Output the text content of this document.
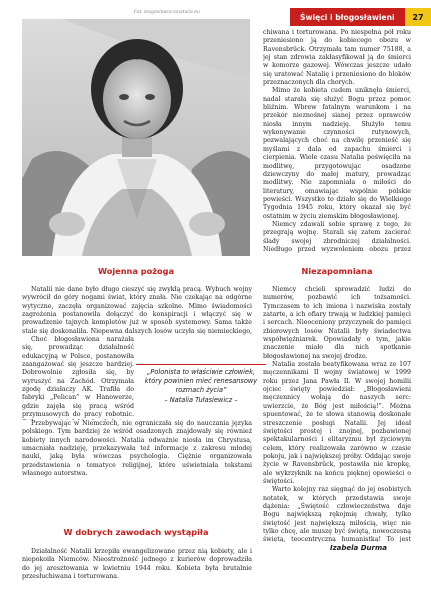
Fot. blogoslawionanatalia.eu	Święci i błogosławieni	27
Wojenna pożoga

Natalii nie dane było długo cieszyć się zwykłą pracą. Wybuch wojny wywrócił do góry nogami świat, który znała. Nie czekając na odgórne wytyczne, zaczęła organizować zajęcia szkolne. Mimo świadomości zagrożenia postanowiła dołączyć do konspiracji i włączyć się w prowadzenie tajnych kompletów już w sposób systemowy. Sama także stale się doskonaliła. Niepewna dalszych losów uczyła się niemieckiego,

Choć błogosławiona narażała się, prowadząc działalność edukacyjną w Polsce, postanowiła zaangażować się jeszcze bardziej. Dobrowolnie zgłosiła się, by wyruszyć na Zachód. Otrzymała zgodę działaczy AK. Trafiła do fabryki „Pelican” w Hanowerze, gdzie zajęła się pracą wśród przymusowych do pracy robotnic.

Przebywając w Niemczech, nie ograniczała się do nauczania języka polskiego. Tym bardziej że wśród osadzonych znajdowały się również kobiety innych narodowości. Natalia odważnie niosła im Chrystusa, umacniała nadzieję, przekazywała też informacje z zakresu młodej nauki, jaką była wówczas psychologia. Ciężnie organizowała przedstawienia o tematyce religijnej, które uświetniała tekstami własnego autorstwa.

„Polonista to właściwie człowiek, który powinien mieć renesansowy rozmach życia”
– Natalia Tułasiewicz –
W dobrych zawodach wystąpiła

Działalność Natalii krzepiła ewangelizowane przez nią kobiety, ale i niepokoiła Niemców. Nieostrożność jednego z kurierów doprowadziła do jej aresztowania w kwietniu 1944 roku. Kobieta była brutalnie przesłuchiwana i torturowana.

chiwana i torturowana. Po niespełna pół roku przeniesiono ją do kobiecego obozu w Ravensbrück. Otrzymała tam numer 75188, a jej stan zdrowia zakłasyfikował ją do śmierci w komorze gazowej. Wówczas jeszcze udało się uratować Natalię i przeniesiono do bloków przeznaczonych dla chorych.

Mimo że kobieta cudem uniknęła śmierci, nadal starała się służyć Bogu przez pomoc bliźnim. Wbrew fatalnym warunkom i na przekór nieznośnej sianej przez oprawców niosła innym nadzieję. Służyło temu wykonywanie czynności rutynowych, pozwalających choć na chwilę przenieść się myślami z dala od zapachu śmierci i cierpienia. Wiele czasu Natalia poświęciła na modlitwę, przygotowując osadzone dziewczyny do małej matury, prowadząc modlitwy. Nie zapomniała o miłości do literatury, omawiając wspólnie polskie powieści. Wszystko to działo się do Wielkiego Tygodnia 1945 roku, który okazał się być ostatnim w życiu ziemskim błogosławionej.

Niemcy zdawali sobie sprawę z tego, że przegrają wojnę. Starali się zatem zacierać ślady swojej zbrodniczej działalności. Niedługo przed wyzwoleniem obozu przez

Niezapomniana

Niemcy chcieli sprowadzić ludzi do numerów, pozbawić ich tożsamości. Tymczasem to ich imiona i nazwiska zostały zatarte, a ich ofiary trwają w ludzkiej pamięci i sercach. Nieoceniony przyczynek do pamięci zbiorowych losów Natalii były świadectwa współwięźniarek. Opowiadały o tym, jakie znaczenie miało dla nich spotkanie błogosławionej na swojej drodze.

Natalia została beatyfikowana wraz ze 107 męczennikami II wojny światowej w 1999 roku przez Jana Pawła II. W swojej homilii ojciec święty powiedział: „Błogosławieni męczennicy wołają do naszych serc: uwierzcie, że Bóg jest miłością!”. Można spuentować, że te słowa stanowią doskonałe streszczenie posługi Natalii. Jej ideał świętości prostej i znojnej, pozbawionej spektakularności i elitaryzmu był życiowym celem, który realizowała zarówno w czasie pokoju, jak i największej próby. Oddając swoje życie w Ravensbrück, postawiła nie kropkę, ale wykrzyknik na końcu pięknej opowieści o świętości.

Warto kolejny raz sięgnąć do jej osobistych notatek, w których przedstawia swoje dążenia: „Świętość człowieczeństwa daje Bogu największą rękojmię chwały, tylko świętość jest największą miłością, więc nie tylko chcę, ale muszę być świętą, nowoczesną świętą, teocentryczną humanistką! To jest

Izabela Durma
